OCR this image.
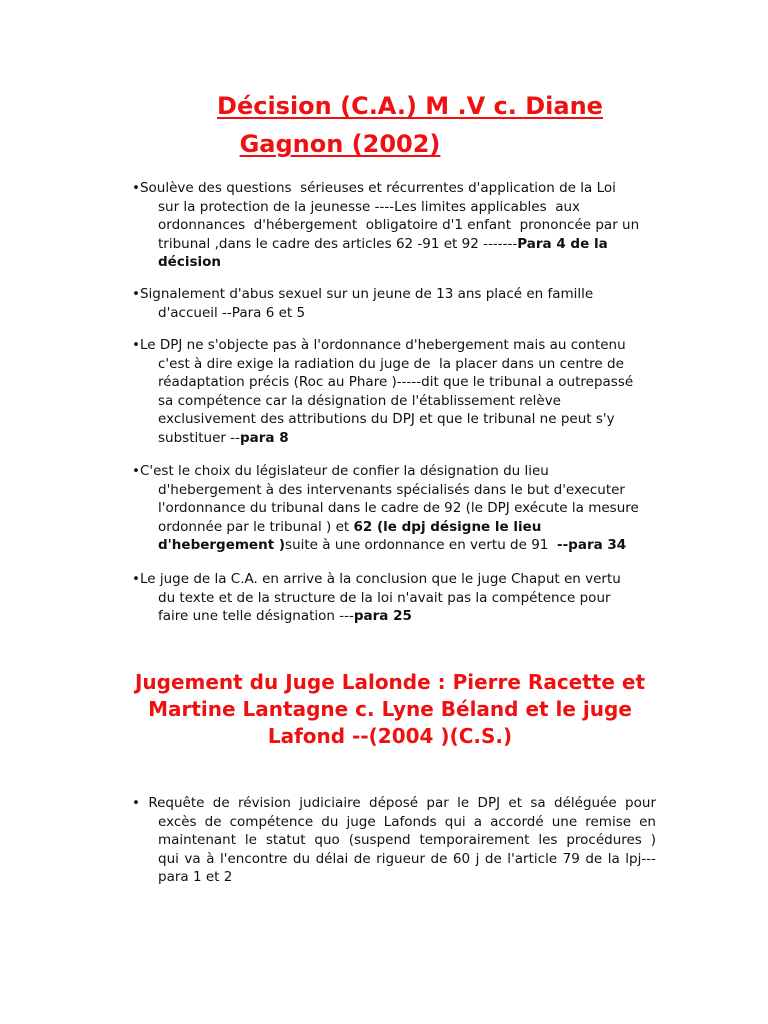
Décision (C.A.) M .V c. Diane
Gagnon (2002)
•Soulève des questions  sérieuses et récurrentes d'application de la Loi
sur la protection de la jeunesse ----Les limites applicables  aux
ordonnances  d'hébergement  obligatoire d'1 enfant  prononcée par un
tribunal ,dans le cadre des articles 62 -91 et 92 -------Para 4 de la
décision
•Signalement d'abus sexuel sur un jeune de 13 ans placé en famille
d'accueil --Para 6 et 5
•Le DPJ ne s'objecte pas à l'ordonnance d'hebergement mais au contenu
c'est à dire exige la radiation du juge de  la placer dans un centre de
réadaptation précis (Roc au Phare )-----dit que le tribunal a outrepassé
sa compétence car la désignation de l'établissement relève
exclusivement des attributions du DPJ et que le tribunal ne peut s'y
substituer --para 8
•C'est le choix du législateur de confier la désignation du lieu
d'hebergement à des intervenants spécialisés dans le but d'executer
l'ordonnance du tribunal dans le cadre de 92 (le DPJ exécute la mesure
ordonnée par le tribunal ) et 62 (le dpj désigne le lieu
d'hebergement )suite à une ordonnance en vertu de 91  --para 34
•Le juge de la C.A. en arrive à la conclusion que le juge Chaput en vertu
du texte et de la structure de la loi n'avait pas la compétence pour
faire une telle désignation ---para 25
Jugement du Juge Lalonde : Pierre Racette et
Martine Lantagne c. Lyne Béland et le juge
Lafond --(2004 )(C.S.)
• Requête de révision judiciaire déposé par le DPJ et sa déléguée pour
excès de compétence du juge Lafonds qui a accordé une remise en
maintenant le statut quo (suspend temporairement les procédures )
qui va à l'encontre du délai de rigueur de 60 j de l'article 79 de la lpj---
para 1 et 2
